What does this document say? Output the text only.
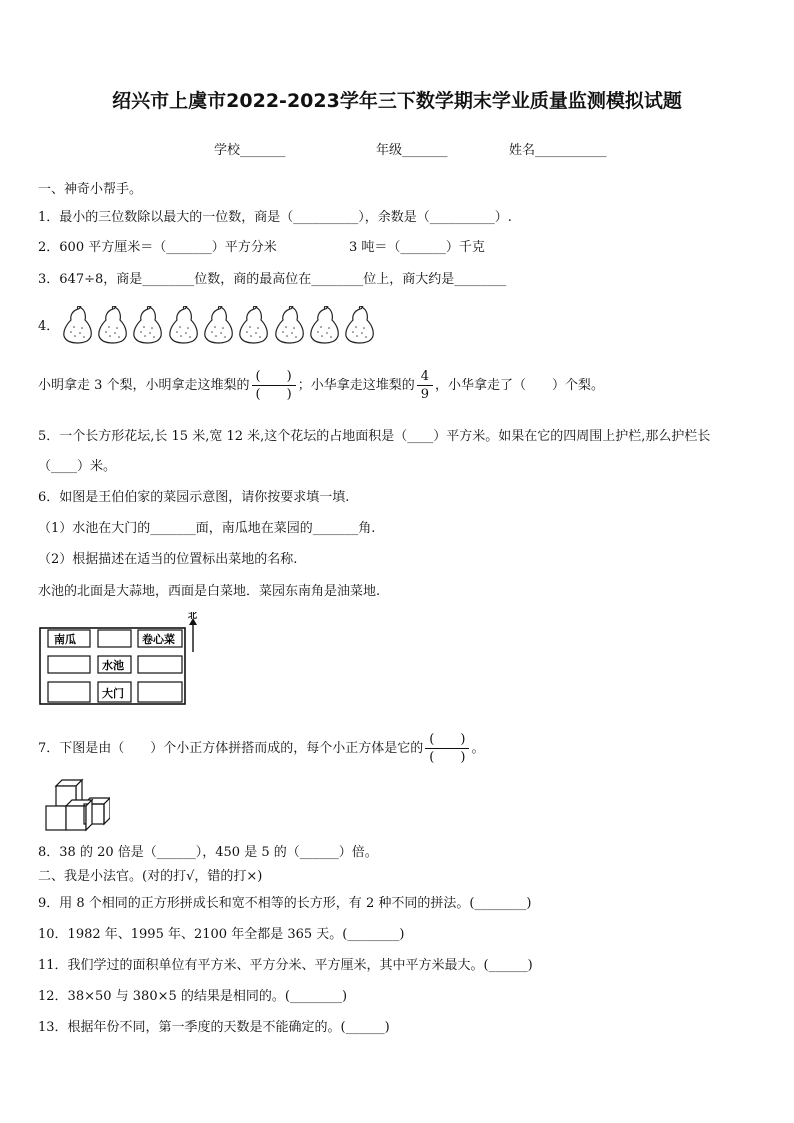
绍兴市上虞市2022-2023学年三下数学期末学业质量监测模拟试题
学校_______	年级_______	姓名___________
一、神奇小帮手。
1．最小的三位数除以最大的一位数，商是（__________），余数是（__________）.
2．600 平方厘米＝（_______）平方分米	3 吨＝（_______）千克
3．647÷8，商是________位数，商的最高位在________位上，商大约是________
4．
小明拿走 3 个梨，小明拿走这堆梨的 $\frac{( )}{( )}$ ；小华拿走这堆梨的 $\frac{4}{9}$ ，小华拿走了（　　）个梨。
5．一个长方形花坛,长 15 米,宽 12 米,这个花坛的占地面积是（____）平方米。如果在它的四周围上护栏,那么护栏长
（____）米。
6．如图是王伯伯家的菜园示意图，请你按要求填一填.
（1）水池在大门的_______面，南瓜地在菜园的_______角.
（2）根据描述在适当的位置标出菜地的名称.
水池的北面是大蒜地，西面是白菜地．菜园东南角是油菜地.
北
南瓜	卷心菜
水池
大门
7．下图是由（　　）个小正方体拼搭而成的，每个小正方体是它的 $\frac{( )}{( )}$ 。
8．38 的 20 倍是（______），450 是 5 的（______）倍。
二、我是小法官。(对的打√，错的打×)
9．用 8 个相同的正方形拼成长和宽不相等的长方形，有 2 种不同的拼法。(________)
10．1982 年、1995 年、2100 年全都是 365 天。(________)
11．我们学过的面积单位有平方米、平方分米、平方厘米，其中平方米最大。(______)
12．38×50 与 380×5 的结果是相同的。(________)
13．根据年份不同，第一季度的天数是不能确定的。(______)
